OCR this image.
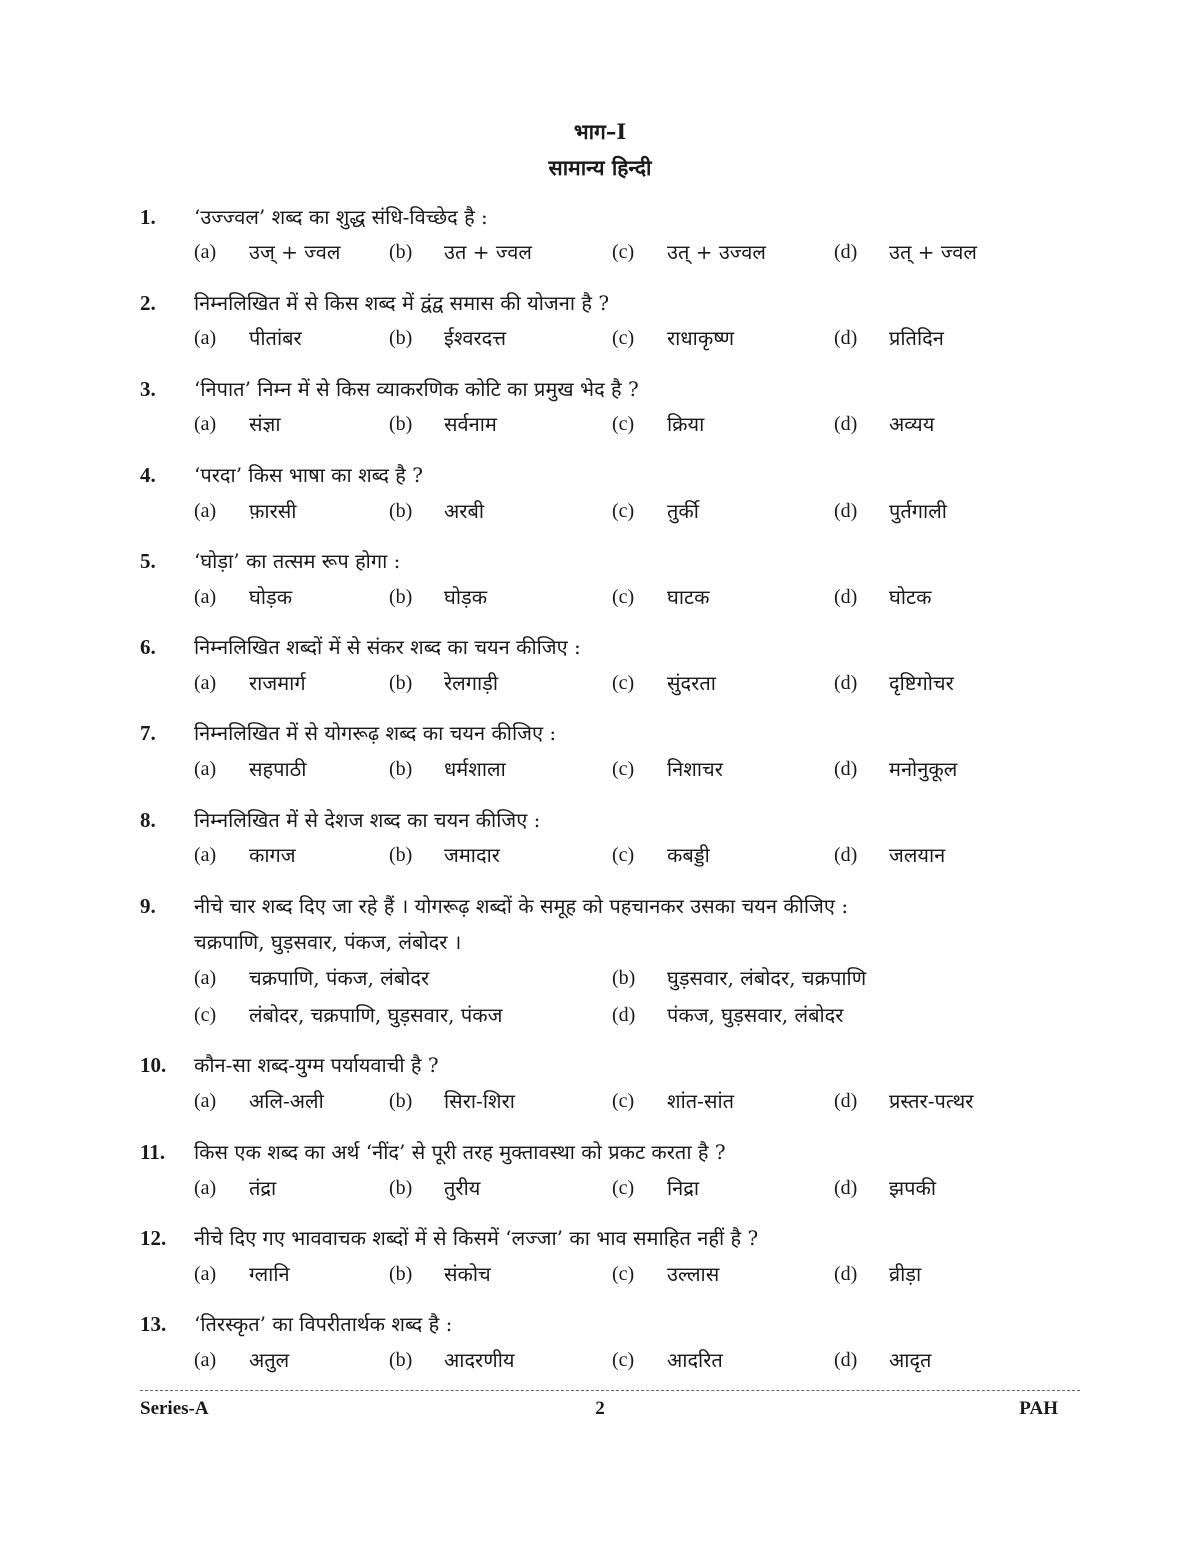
भाग–I
सामान्य हिन्दी
1.	‘उज्ज्वल’ शब्द का शुद्ध संधि-विच्छेद है :
(a) उज् + ज्वल (b) उत + ज्वल	(c) उत् + उज्वल	(d) उत् + ज्वल
2.	निम्नलिखित में से किस शब्द में द्वंद्व समास की योजना है ?
(a) पीतांबर	(b) ईश्वरदत्त	(c) राधाकृष्ण	(d) प्रतिदिन
3.	‘निपात’ निम्न में से किस व्याकरणिक कोटि का प्रमुख भेद है ?
(a) संज्ञा	(b) सर्वनाम	(c) क्रिया	(d) अव्यय
4.	‘परदा’ किस भाषा का शब्द है ?
(a) फ़ारसी	(b) अरबी	(c) तुर्की	(d) पुर्तगाली
5.	‘घोड़ा’ का तत्सम रूप होगा :
(a) घोड़क	(b) घोड़क	(c) घाटक	(d) घोटक
6.	निम्नलिखित शब्दों में से संकर शब्द का चयन कीजिए :
(a) राजमार्ग	(b) रेलगाड़ी	(c) सुंदरता	(d) दृष्टिगोचर
7.	निम्नलिखित में से योगरूढ़ शब्द का चयन कीजिए :
(a) सहपाठी	(b) धर्मशाला	(c) निशाचर	(d) मनोनुकूल
8.	निम्नलिखित में से देशज शब्द का चयन कीजिए :
(a) कागज	(b) जमादार	(c) कबड्डी	(d) जलयान
9.	नीचे चार शब्द दिए जा रहे हैं । योगरूढ़ शब्दों के समूह को पहचानकर उसका चयन कीजिए :
चक्रपाणि, घुड़सवार, पंकज, लंबोदर ।
(a) चक्रपाणि, पंकज, लंबोदर	(b) घुड़सवार, लंबोदर, चक्रपाणि
(c) लंबोदर, चक्रपाणि, घुड़सवार, पंकज	(d) पंकज, घुड़सवार, लंबोदर
10.	कौन-सा शब्द-युग्म पर्यायवाची है ?
(a) अलि-अली	(b) सिरा-शिरा	(c) शांत-सांत	(d) प्रस्तर-पत्थर
11.	किस एक शब्द का अर्थ ‘नींद’ से पूरी तरह मुक्तावस्था को प्रकट करता है ?
(a) तंद्रा	(b) तुरीय	(c) निद्रा	(d) झपकी
12.	नीचे दिए गए भाववाचक शब्दों में से किसमें ‘लज्जा’ का भाव समाहित नहीं है ?
(a) ग्लानि	(b) संकोच	(c) उल्लास	(d) व्रीड़ा
13.	‘तिरस्कृत’ का विपरीतार्थक शब्द है :
(a) अतुल	(b) आदरणीय	(c) आदरित	(d) आदृत
Series-A	2	PAH
